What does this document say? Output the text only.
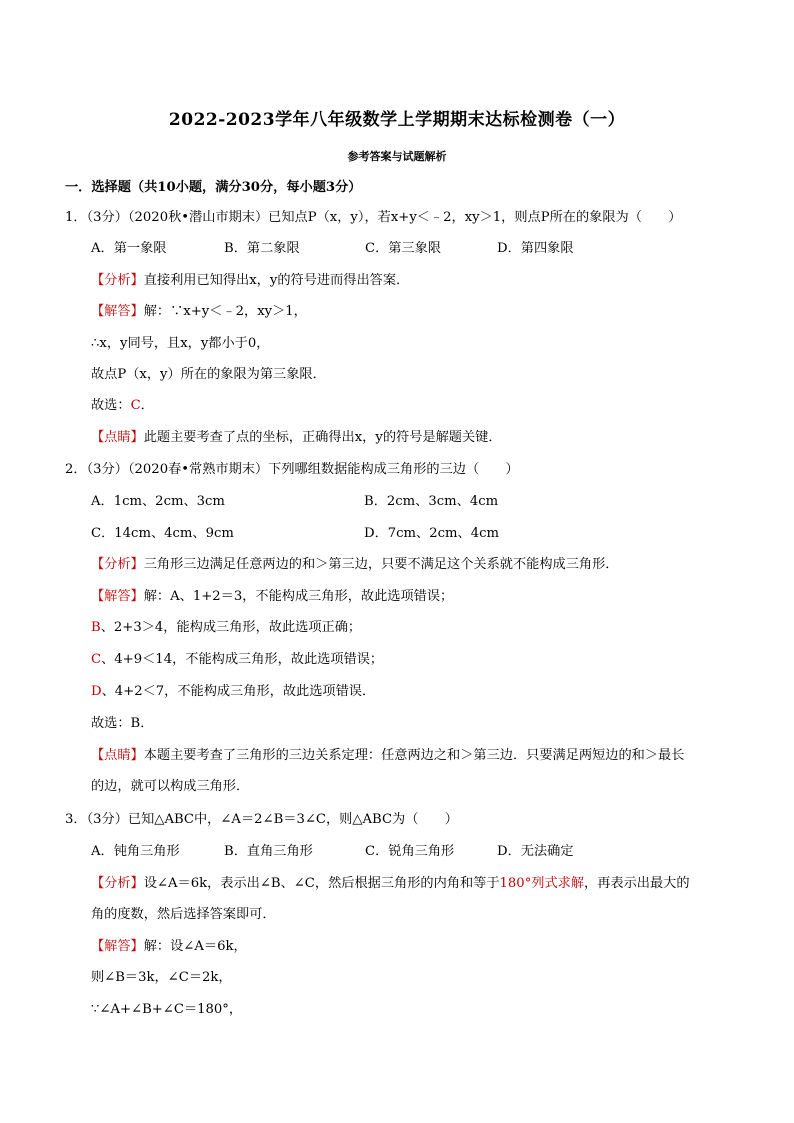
2022-2023学年八年级数学上学期期末达标检测卷（一）
参考答案与试题解析
一．选择题（共10小题，满分30分，每小题3分）
1．（3分）（2020秋•潜山市期末）已知点P（x，y），若x+y＜﹣2，xy＞1，则点P所在的象限为（　　）
A．第一象限	B．第二象限	C．第三象限	D．第四象限
【分析】直接利用已知得出x，y的符号进而得出答案．
【解答】解：∵x+y＜﹣2，xy＞1，
∴x，y同号，且x，y都小于0，
故点P（x，y）所在的象限为第三象限．
故选：C．
【点睛】此题主要考查了点的坐标，正确得出x，y的符号是解题关键．
2．（3分）（2020春•常熟市期末）下列哪组数据能构成三角形的三边（　　）
A．1cm、2cm、3cm	B．2cm、3cm、4cm
C．14cm、4cm、9cm	D．7cm、2cm、4cm
【分析】三角形三边满足任意两边的和＞第三边，只要不满足这个关系就不能构成三角形．
【解答】解：A、1+2＝3，不能构成三角形，故此选项错误；
B、2+3＞4，能构成三角形，故此选项正确；
C、4+9＜14，不能构成三角形，故此选项错误；
D、4+2＜7，不能构成三角形，故此选项错误．
故选：B．
【点睛】本题主要考查了三角形的三边关系定理：任意两边之和＞第三边．只要满足两短边的和＞最长
的边，就可以构成三角形．
3．（3分）已知△ABC中，∠A＝2∠B＝3∠C，则△ABC为（　　）
A．钝角三角形	B．直角三角形	C．锐角三角形	D．无法确定
【分析】设∠A＝6k，表示出∠B、∠C，然后根据三角形的内角和等于180°列式求解，再表示出最大的
角的度数，然后选择答案即可．
【解答】解：设∠A＝6k，
则∠B＝3k，∠C＝2k，
∵∠A+∠B+∠C＝180°，
